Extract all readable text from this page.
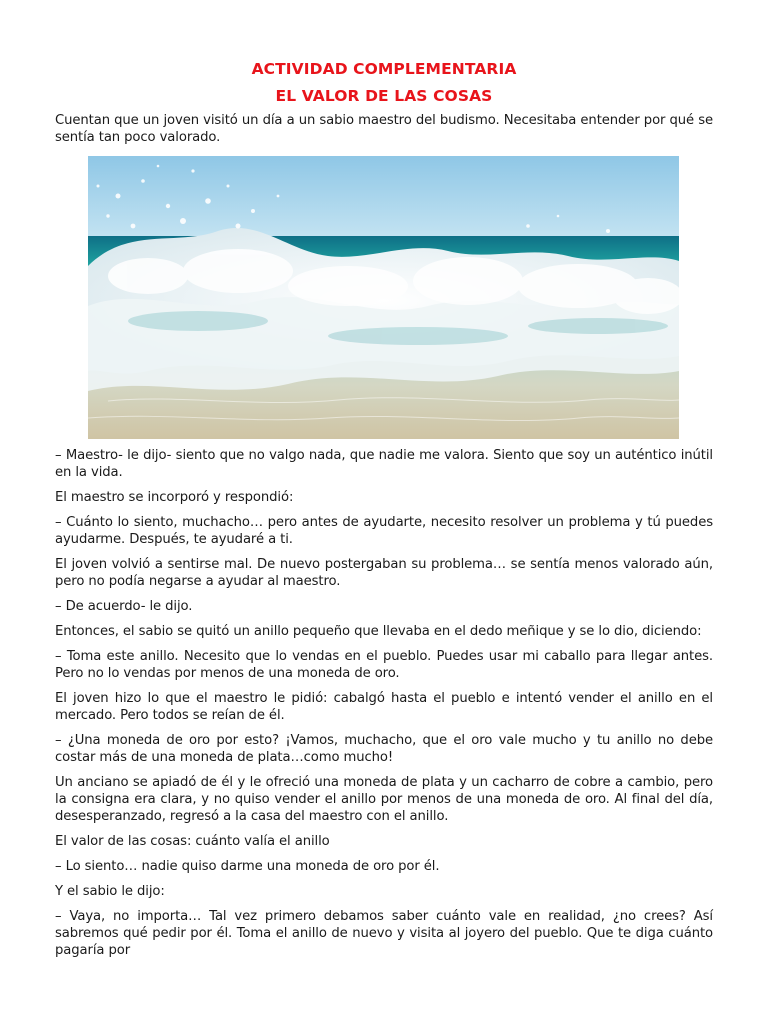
ACTIVIDAD COMPLEMENTARIA
EL VALOR DE LAS COSAS

Cuentan que un joven visitó un día a un sabio maestro del budismo. Necesitaba entender por qué se sentía tan poco valorado.

– Maestro- le dijo- siento que no valgo nada, que nadie me valora. Siento que soy un auténtico inútil en la vida.

El maestro se incorporó y respondió:

– Cuánto lo siento, muchacho… pero antes de ayudarte, necesito resolver un problema y tú puedes ayudarme. Después, te ayudaré a ti.

El joven volvió a sentirse mal. De nuevo postergaban su problema… se sentía menos valorado aún, pero no podía negarse a ayudar al maestro.

– De acuerdo- le dijo.

Entonces, el sabio se quitó un anillo pequeño que llevaba en el dedo meñique y se lo dio, diciendo:

– Toma este anillo. Necesito que lo vendas en el pueblo. Puedes usar mi caballo para llegar antes. Pero no lo vendas por menos de una moneda de oro.

El joven hizo lo que el maestro le pidió: cabalgó hasta el pueblo e intentó vender el anillo en el mercado. Pero todos se reían de él.

– ¿Una moneda de oro por esto? ¡Vamos, muchacho, que el oro vale mucho y tu anillo no debe costar más de una moneda de plata…como mucho!

Un anciano se apiadó de él y le ofreció una moneda de plata y un cacharro de cobre a cambio, pero la consigna era clara, y no quiso vender el anillo por menos de una moneda de oro. Al final del día, desesperanzado, regresó a la casa del maestro con el anillo.

El valor de las cosas: cuánto valía el anillo

– Lo siento… nadie quiso darme una moneda de oro por él.

Y el sabio le dijo:

– Vaya, no importa… Tal vez primero debamos saber cuánto vale en realidad, ¿no crees? Así sabremos qué pedir por él. Toma el anillo de nuevo y visita al joyero del pueblo. Que te diga cuánto pagaría por
